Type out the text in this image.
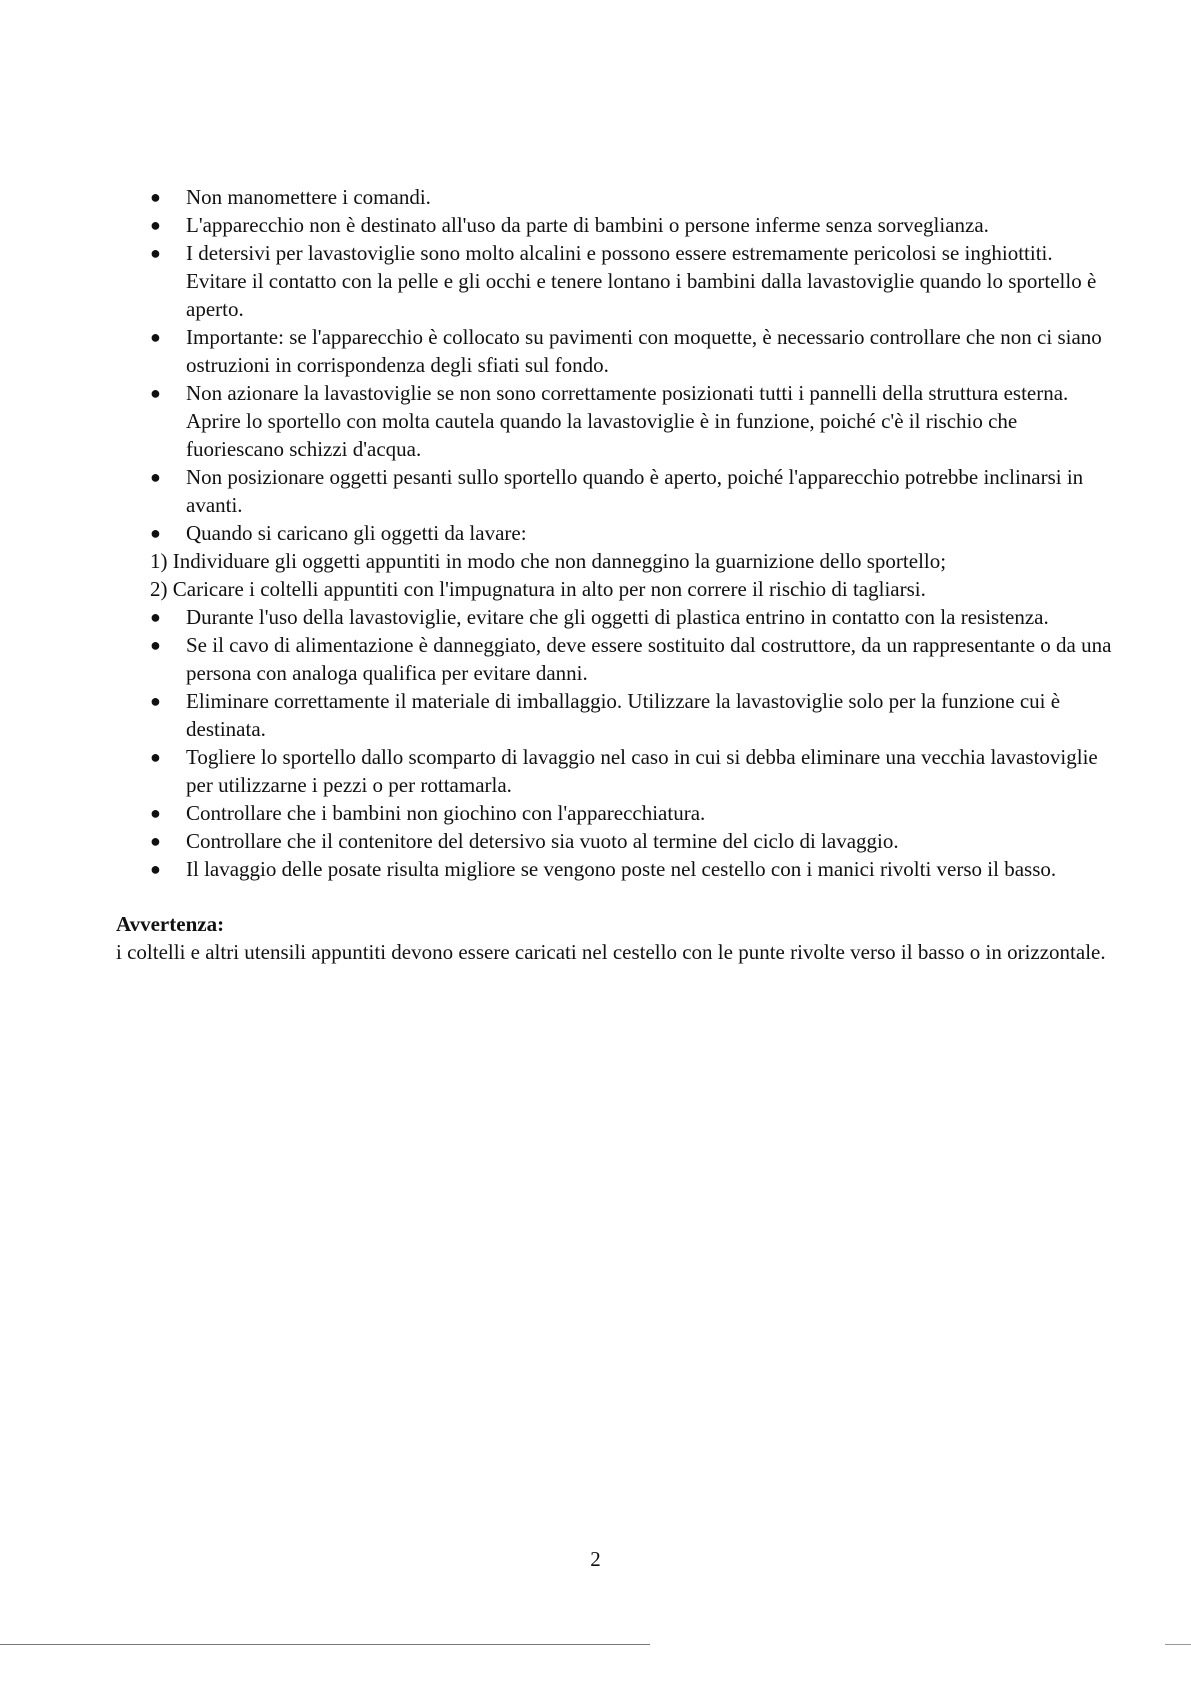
● Non manomettere i comandi.
● L'apparecchio non è destinato all'uso da parte di bambini o persone inferme senza sorveglianza.
● I detersivi per lavastoviglie sono molto alcalini e possono essere estremamente pericolosi se inghiottiti. Evitare il contatto con la pelle e gli occhi e tenere lontano i bambini dalla lavastoviglie quando lo sportello è aperto.
● Importante: se l'apparecchio è collocato su pavimenti con moquette, è necessario controllare che non ci siano ostruzioni in corrispondenza degli sfiati sul fondo.
● Non azionare la lavastoviglie se non sono correttamente posizionati tutti i pannelli della struttura esterna. Aprire lo sportello con molta cautela quando la lavastoviglie è in funzione, poiché c'è il rischio che fuoriescano schizzi d'acqua.
● Non posizionare oggetti pesanti sullo sportello quando è aperto, poiché l'apparecchio potrebbe inclinarsi in avanti.
● Quando si caricano gli oggetti da lavare:
1) Individuare gli oggetti appuntiti in modo che non danneggino la guarnizione dello sportello;
2) Caricare i coltelli appuntiti con l'impugnatura in alto per non correre il rischio di tagliarsi.
● Durante l'uso della lavastoviglie, evitare che gli oggetti di plastica entrino in contatto con la resistenza.
● Se il cavo di alimentazione è danneggiato, deve essere sostituito dal costruttore, da un rappresentante o da una persona con analoga qualifica per evitare danni.
● Eliminare correttamente il materiale di imballaggio. Utilizzare la lavastoviglie solo per la funzione cui è destinata.
● Togliere lo sportello dallo scomparto di lavaggio nel caso in cui si debba eliminare una vecchia lavastoviglie per utilizzarne i pezzi o per rottamarla.
● Controllare che i bambini non giochino con l'apparecchiatura.
● Controllare che il contenitore del detersivo sia vuoto al termine del ciclo di lavaggio.
● Il lavaggio delle posate risulta migliore se vengono poste nel cestello con i manici rivolti verso il basso.
Avvertenza:
i coltelli e altri utensili appuntiti devono essere caricati nel cestello con le punte rivolte verso il basso o in orizzontale.
2
